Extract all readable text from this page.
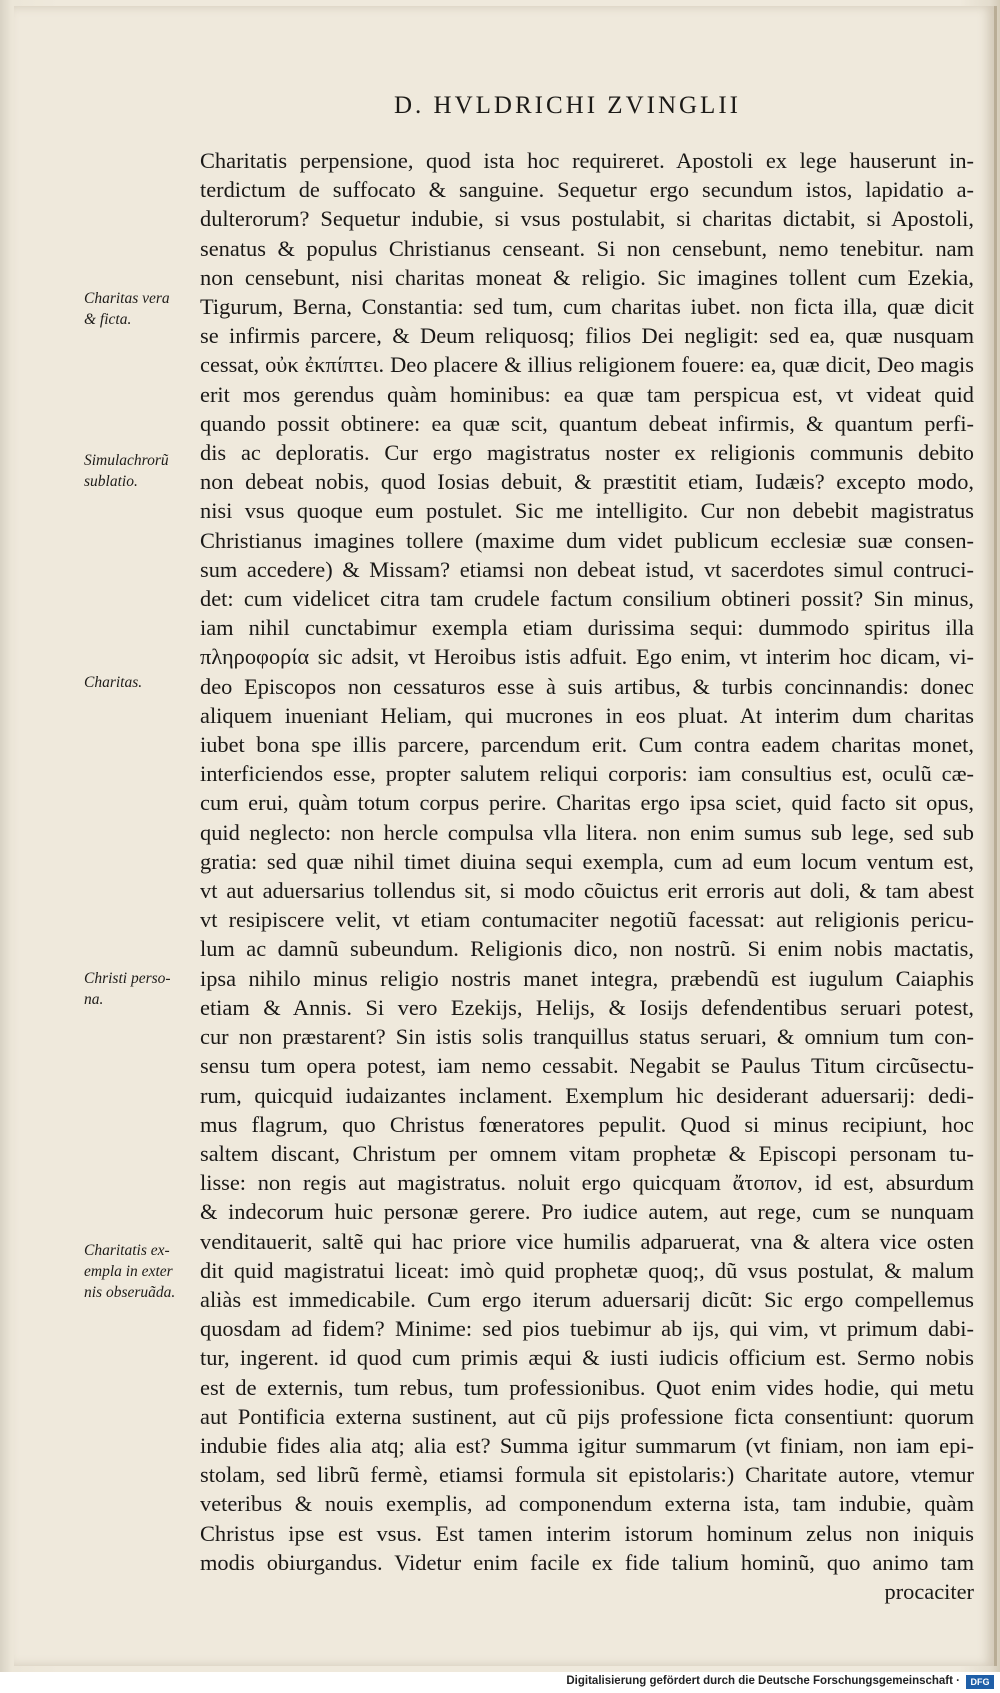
D. HVLDRICHI ZVINGLII
Charitatis perpensione, quod ista hoc requireret. Apostoli ex lege hauserunt in-
terdictum de suffocato & sanguine. Sequetur ergo secundum istos, lapidatio a-
dulterorum? Sequetur indubie, si vsus postulabit, si charitas dictabit, si Apostoli,
senatus & populus Christianus censeant. Si non censebunt, nemo tenebitur. nam
non censebunt, nisi charitas moneat & religio. Sic imagines tollent cum Ezekia,
Tigurum, Berna, Constantia: sed tum, cum charitas iubet. non ficta illa, quæ dicit
se infirmis parcere, & Deum reliquosq; filios Dei negligit: sed ea, quæ nusquam
cessat, οὐκ ἐκπίπτει. Deo placere & illius religionem fouere: ea, quæ dicit, Deo magis
erit mos gerendus quàm hominibus: ea quæ tam perspicua est, vt videat quid
quando possit obtinere: ea quæ scit, quantum debeat infirmis, & quantum perfi-
dis ac deploratis. Cur ergo magistratus noster ex religionis communis debito
non debeat nobis, quod Iosias debuit, & præstitit etiam, Iudæis? excepto modo,
nisi vsus quoque eum postulet. Sic me intelligito. Cur non debebit magistratus
Christianus imagines tollere (maxime dum videt publicum ecclesiæ suæ consen-
sum accedere) & Missam? etiamsi non debeat istud, vt sacerdotes simul contruci-
det: cum videlicet citra tam crudele factum consilium obtineri possit? Sin minus,
iam nihil cunctabimur exempla etiam durissima sequi: dummodo spiritus illa
πληροφορία sic adsit, vt Heroibus istis adfuit. Ego enim, vt interim hoc dicam, vi-
deo Episcopos non cessaturos esse à suis artibus, & turbis concinnandis: donec
aliquem inueniant Heliam, qui mucrones in eos pluat. At interim dum charitas
iubet bona spe illis parcere, parcendum erit. Cum contra eadem charitas monet,
interficiendos esse, propter salutem reliqui corporis: iam consultius est, oculũ cæ-
cum erui, quàm totum corpus perire. Charitas ergo ipsa sciet, quid facto sit opus,
quid neglecto: non hercle compulsa vlla litera. non enim sumus sub lege, sed sub
gratia: sed quæ nihil timet diuina sequi exempla, cum ad eum locum ventum est,
vt aut aduersarius tollendus sit, si modo cõuictus erit erroris aut doli, & tam abest
vt resipiscere velit, vt etiam contumaciter negotiũ facessat: aut religionis pericu-
lum ac damnũ subeundum. Religionis dico, non nostrũ. Si enim nobis mactatis,
ipsa nihilo minus religio nostris manet integra, præbendũ est iugulum Caiaphis
etiam & Annis. Si vero Ezekijs, Helijs, & Iosijs defendentibus seruari potest,
cur non præstarent? Sin istis solis tranquillus status seruari, & omnium tum con-
sensu tum opera potest, iam nemo cessabit. Negabit se Paulus Titum circũsectu-
rum, quicquid iudaizantes inclament. Exemplum hic desiderant aduersarij: dedi-
mus flagrum, quo Christus fœneratores pepulit. Quod si minus recipiunt, hoc
saltem discant, Christum per omnem vitam prophetæ & Episcopi personam tu-
lisse: non regis aut magistratus. noluit ergo quicquam ἄτοπον, id est, absurdum
& indecorum huic personæ gerere. Pro iudice autem, aut rege, cum se nunquam
venditauerit, saltẽ qui hac priore vice humilis adparuerat, vna & altera vice osten
dit quid magistratui liceat: imò quid prophetæ quoq;, dũ vsus postulat, & malum
aliàs est immedicabile. Cum ergo iterum aduersarij dicũt: Sic ergo compellemus
quosdam ad fidem? Minime: sed pios tuebimur ab ijs, qui vim, vt primum dabi-
tur, ingerent. id quod cum primis æqui & iusti iudicis officium est. Sermo nobis
est de externis, tum rebus, tum professionibus. Quot enim vides hodie, qui metu
aut Pontificia externa sustinent, aut cũ pijs professione ficta consentiunt: quorum
indubie fides alia atq; alia est? Summa igitur summarum (vt finiam, non iam epi-
stolam, sed librũ fermè, etiamsi formula sit epistolaris:) Charitate autore, vtemur
veteribus & nouis exemplis, ad componendum externa ista, tam indubie, quàm
Christus ipse est vsus. Est tamen interim istorum hominum zelus non iniquis
modis obiurgandus. Videtur enim facile ex fide talium hominũ, quo animo tam
procaciter
Charitas vera
& ficta.
Simulachrorũ
sublatio.
Charitas.
Christi perso-
na.
Charitatis ex-
empla in exter
nis obseruãda.
Digitalisierung gefördert durch die Deutsche Forschungsgemeinschaft ·	DFG
